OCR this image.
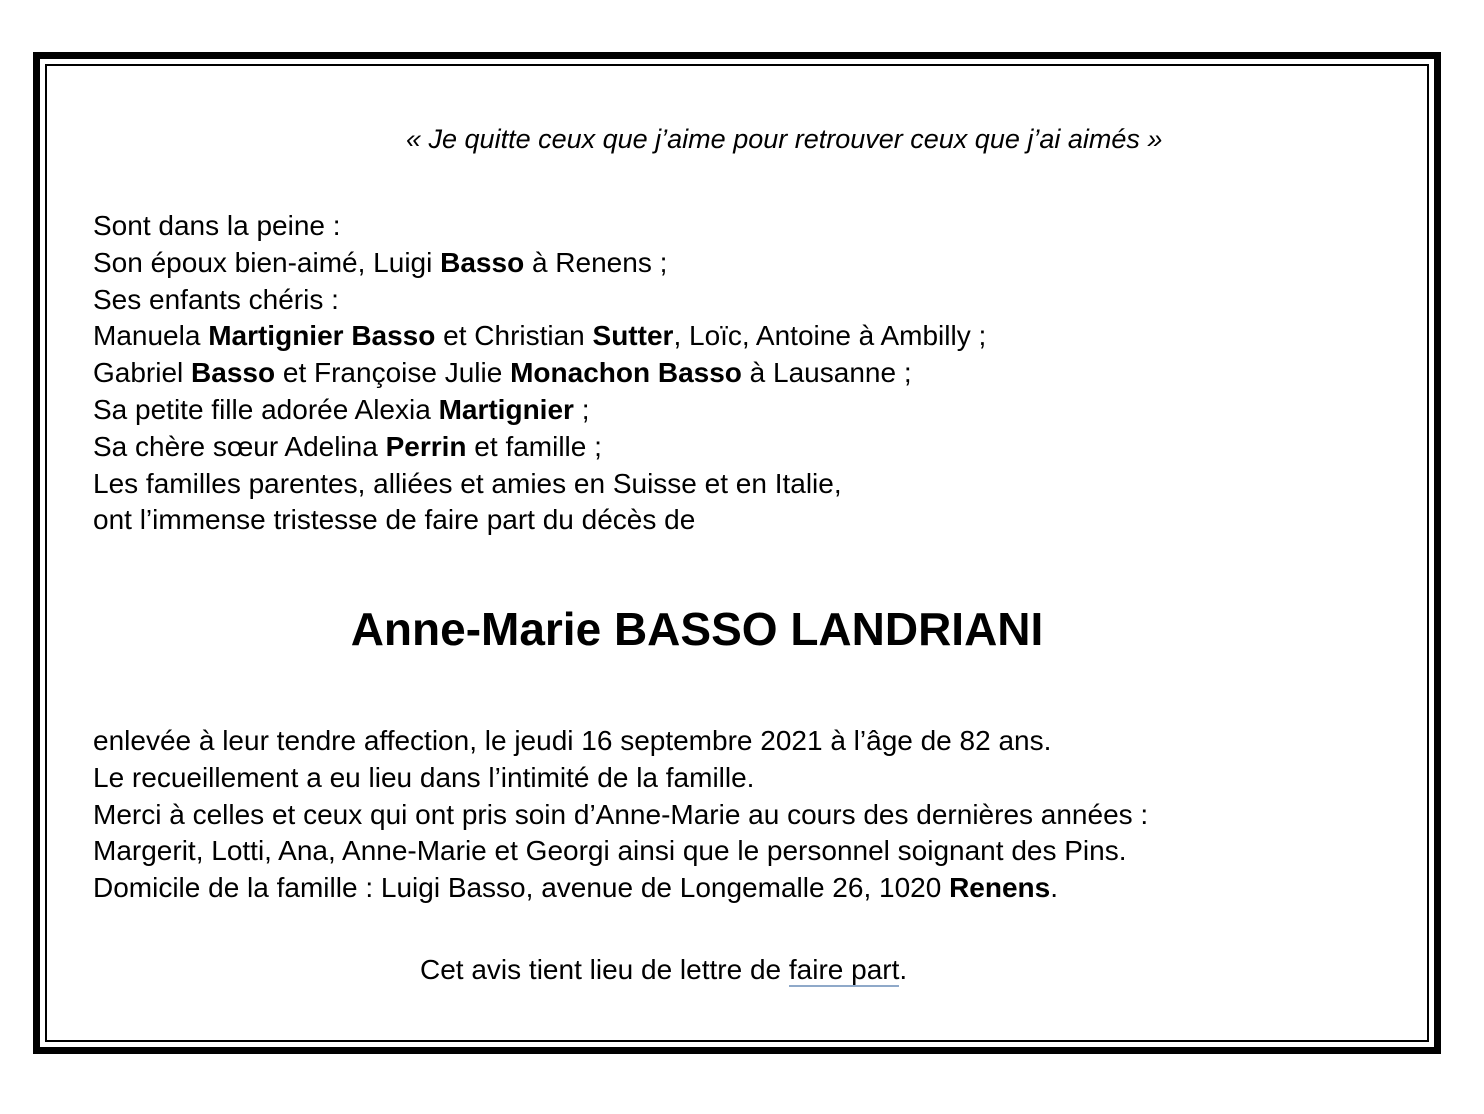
« Je quitte ceux que j’aime pour retrouver ceux que j’ai aimés »
Sont dans la peine :
Son époux bien-aimé, Luigi Basso à Renens ;
Ses enfants chéris :
Manuela Martignier Basso et Christian Sutter, Loïc, Antoine à Ambilly ;
Gabriel Basso et Françoise Julie Monachon Basso à Lausanne ;
Sa petite fille adorée Alexia Martignier ;
Sa chère sœur Adelina Perrin et famille ;
Les familles parentes, alliées et amies en Suisse et en Italie,
ont l’immense tristesse de faire part du décès de
Anne-Marie BASSO LANDRIANI
enlevée à leur tendre affection, le jeudi 16 septembre 2021 à l’âge de 82 ans.
Le recueillement a eu lieu dans l’intimité de la famille.
Merci à celles et ceux qui ont pris soin d’Anne-Marie au cours des dernières années :
Margerit, Lotti, Ana, Anne-Marie et Georgi ainsi que le personnel soignant des Pins.
Domicile de la famille : Luigi Basso, avenue de Longemalle 26, 1020 Renens.
Cet avis tient lieu de lettre de faire part.
